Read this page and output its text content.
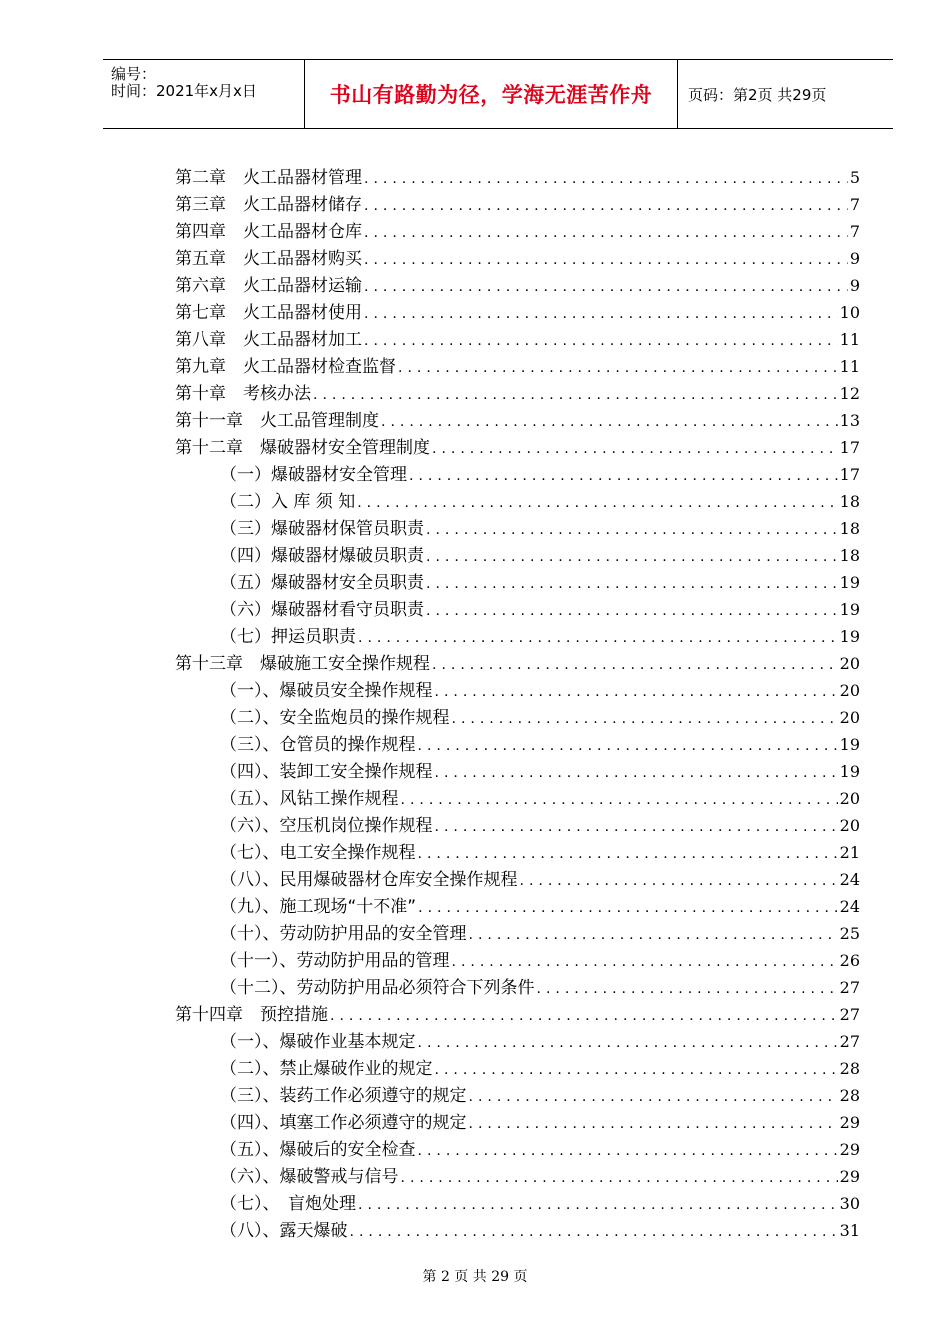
编号：
时间：2021年x月x日	书山有路勤为径，学海无涯苦作舟 页码：第2页 共29页
第二章　火工品器材管理 .....	5
第三章　火工品器材储存 .....	7
第四章　火工品器材仓库 .....	7
第五章　火工品器材购买 .....	9
第六章　火工品器材运输 .....	9
第七章　火工品器材使用 .....	10
第八章　火工品器材加工 .....	11
第九章　火工品器材检查监督 .....	11
第十章　考核办法 .....	12
第十一章　火工品管理制度 .....	13
第十二章　爆破器材安全管理制度 .....	17
（一）爆破器材安全管理 .....	17
（二）入 库 须 知 .....	18
（三）爆破器材保管员职责 .....	18
（四）爆破器材爆破员职责 .....	18
（五）爆破器材安全员职责 .....	19
（六）爆破器材看守员职责 .....	19
（七）押运员职责 .....	19
第十三章　爆破施工安全操作规程 .....	20
（一）、爆破员安全操作规程 .....	20
（二）、安全监炮员的操作规程 .....	20
（三）、仓管员的操作规程 .....	19
（四）、装卸工安全操作规程 .....	19
（五）、风钻工操作规程 .....	20
（六）、空压机岗位操作规程 .....	20
（七）、电工安全操作规程 .....	21
（八）、民用爆破器材仓库安全操作规程 .....	24
（九）、施工现场“十不准” .....	24
（十）、劳动防护用品的安全管理 .....	25
（十一）、劳动防护用品的管理 .....	26
（十二）、劳动防护用品必须符合下列条件 .....	27
第十四章　预控措施 .....	27
（一）、爆破作业基本规定 .....	27
（二）、禁止爆破作业的规定 .....	28
（三）、装药工作必须遵守的规定 .....	28
（四）、填塞工作必须遵守的规定 .....	29
（五）、爆破后的安全检查 .....	29
（六）、爆破警戒与信号 .....	29
（七）、　盲炮处理 .....	30
（八）、露天爆破 .....	31
第 2 页 共 29 页
